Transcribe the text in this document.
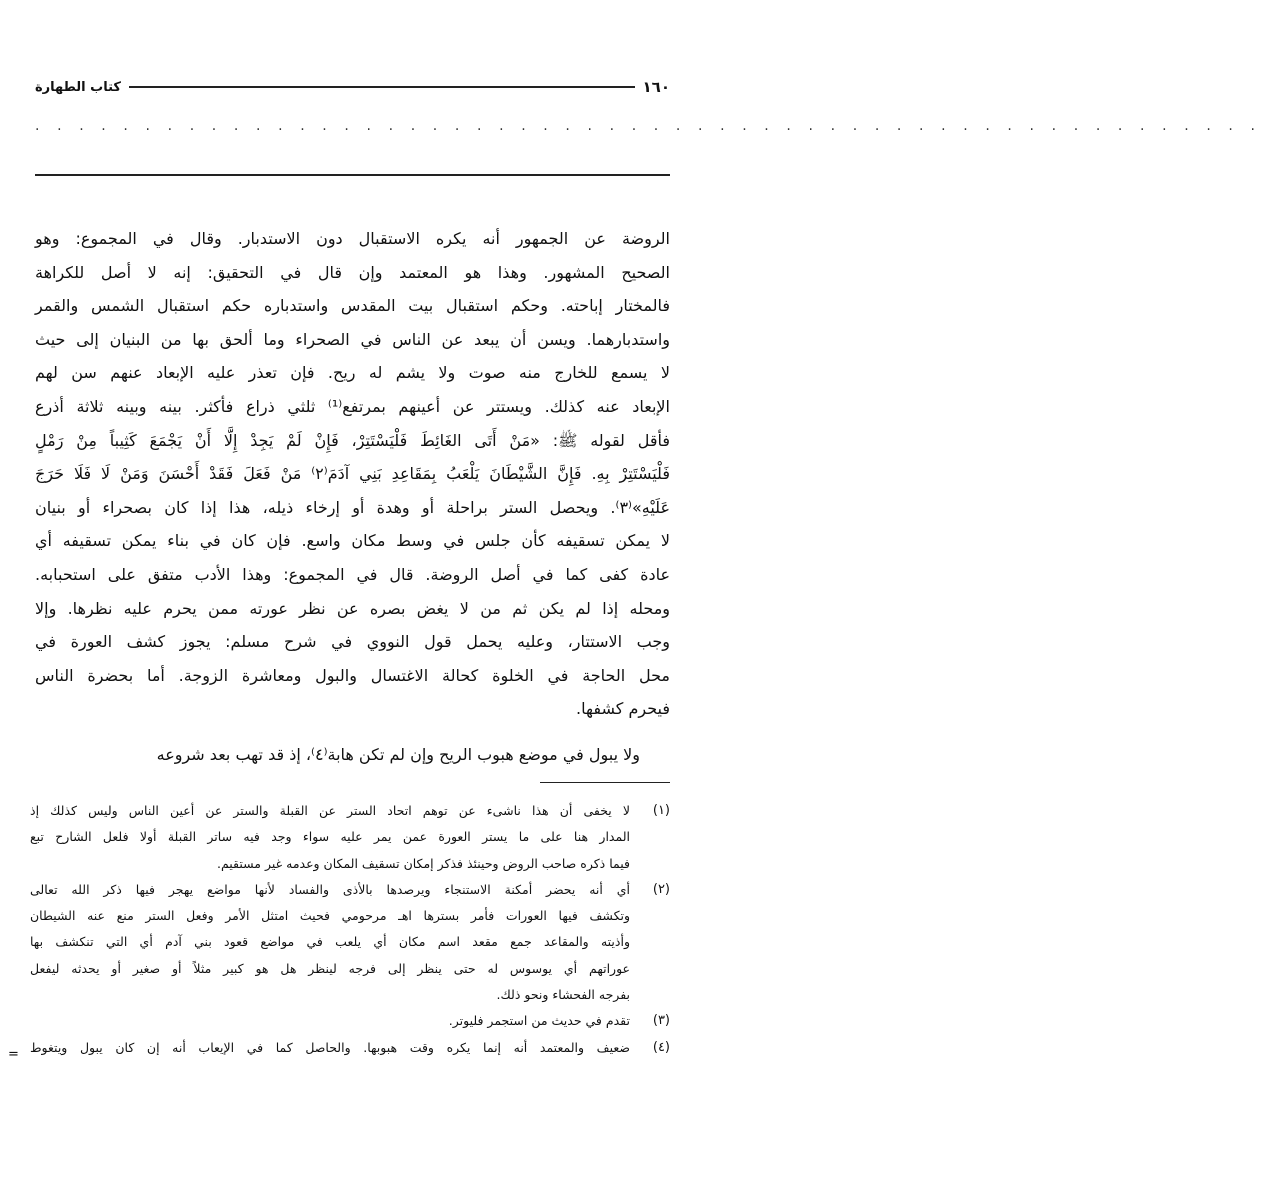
١٦٠
كتاب الطهارة
. . . . . . . . . . . . . . . . . . . . . . . . . . . . . . . . . . . . . . . . . . . . . . . . . . . . . . . .
الروضة عن الجمهور أنه يكره الاستقبال دون الاستدبار. وقال في المجموع: وهو
الصحيح المشهور. وهذا هو المعتمد وإن قال في التحقيق: إنه لا أصل للكراهة
فالمختار إباحته. وحكم استقبال بيت المقدس واستدباره حكم استقبال الشمس والقمر
واستدبارهما. ويسن أن يبعد عن الناس في الصحراء وما ألحق بها من البنيان إلى حيث
لا يسمع للخارج منه صوت ولا يشم له ريح. فإن تعذر عليه الإبعاد عنهم سن لهم
الإبعاد عنه كذلك. ويستتر عن أعينهم بمرتفع⁽¹⁾ ثلثي ذراع فأكثر. بينه وبينه ثلاثة أذرع
فأقل لقوله ﷺ: «مَنْ أَتَى الغَائِطَ فَلْيَسْتَتِرْ، فَإِنْ لَمْ يَجِدْ إِلَّا أَنْ يَجْمَعَ كَثِيباً مِنْ رَمْلٍ
فَلْيَسْتَتِرْ بِهِ. فَإِنَّ الشَّيْطَانَ يَلْعَبُ بِمَقَاعِدِ بَنِي آدَمَ⁽٢⁾ مَنْ فَعَلَ فَقَدْ أَحْسَنَ وَمَنْ لَا فَلَا حَرَجَ
عَلَيْهِ»⁽٣⁾. ويحصل الستر براحلة أو وهدة أو إرخاء ذيله، هذا إذا كان بصحراء أو بنيان
لا يمكن تسقيفه كأن جلس في وسط مكان واسع. فإن كان في بناء يمكن تسقيفه أي
عادة كفى كما في أصل الروضة. قال في المجموع: وهذا الأدب متفق على استحبابه.
ومحله إذا لم يكن ثم من لا يغض بصره عن نظر عورته ممن يحرم عليه نظرها. وإلا
وجب الاستتار، وعليه يحمل قول النووي في شرح مسلم: يجوز كشف العورة في
محل الحاجة في الخلوة كحالة الاغتسال والبول ومعاشرة الزوجة. أما بحضرة الناس
فيحرم كشفها.
ولا يبول في موضع هبوب الريح وإن لم تكن هابة⁽٤⁾، إذ قد تهب بعد شروعه
(١)
لا يخفى أن هذا ناشىء عن توهم اتحاد الستر عن القبلة والستر عن أعين الناس وليس كذلك إذ
المدار هنا على ما يستر العورة عمن يمر عليه سواء وجد فيه ساتر القبلة أولا فلعل الشارح تبع
فيما ذكره صاحب الروض وحينئذ فذكر إمكان تسقيف المكان وعدمه غير مستقيم.
(٢)
أي أنه يحضر أمكنة الاستنجاء ويرصدها بالأذى والفساد لأنها مواضع يهجر فيها ذكر الله تعالى
وتكشف فيها العورات فأمر بسترها اهـ مرحومي فحيث امتثل الأمر وفعل الستر منع عنه الشيطان
وأذيته والمقاعد جمع مقعد اسم مكان أي يلعب في مواضع قعود بني آدم أي التي تنكشف بها
عوراتهم أي يوسوس له حتى ينظر إلى فرجه لينظر هل هو كبير مثلاً أو صغير أو يحدثه ليفعل
بفرجه الفحشاء ونحو ذلك.
(٣)
تقدم في حديث من استجمر فليوتر.
(٤)
ضعيف والمعتمد أنه إنما يكره وقت هبوبها. والحاصل كما في الإيعاب أنه إن كان يبول ويتغوط
=
